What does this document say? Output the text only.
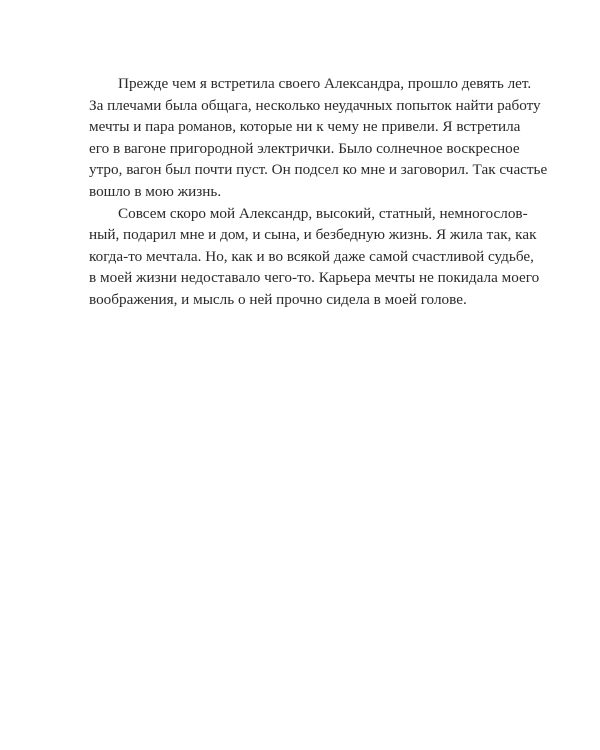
Прежде чем я встретила своего Александра, прошло девять лет.
За плечами была общага, несколько неудачных попыток найти работу
мечты и пара романов, которые ни к чему не привели. Я встретила
его в вагоне пригородной электрички. Было солнечное воскресное
утро, вагон был почти пуст. Он подсел ко мне и заговорил. Так счастье
вошло в мою жизнь.

Совсем скоро мой Александр, высокий, статный, немногослов-
ный, подарил мне и дом, и сына, и безбедную жизнь. Я жила так, как
когда-то мечтала. Но, как и во всякой даже самой счастливой судьбе,
в моей жизни недоставало чего-то. Карьера мечты не покидала моего
воображения, и мысль о ней прочно сидела в моей голове.
